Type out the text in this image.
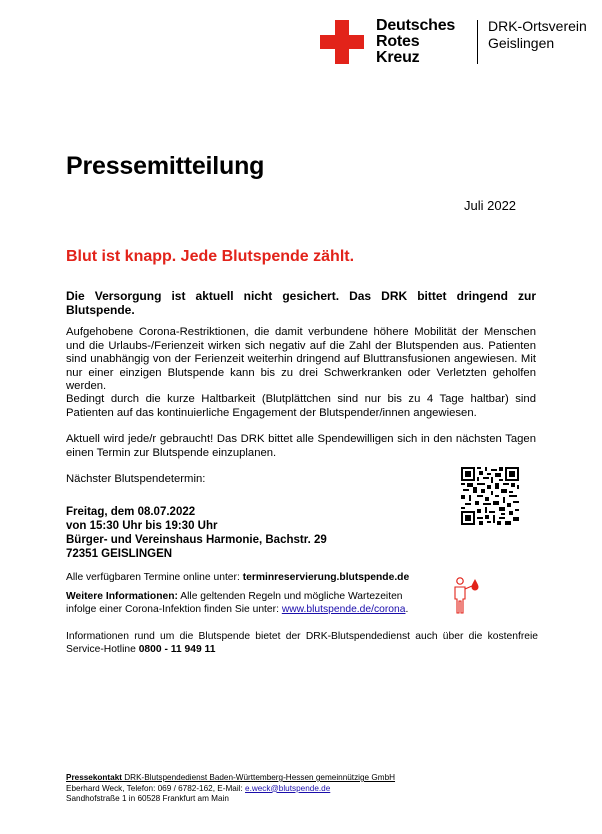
Deutsches
Rotes
Kreuz
DRK-Ortsverein
Geislingen
Pressemitteilung
Juli 2022
Blut ist knapp. Jede Blutspende zählt.
Die Versorgung ist aktuell nicht gesichert. Das DRK bittet dringend zur Blutspende.
Aufgehobene Corona-Restriktionen, die damit verbundene höhere Mobilität der Menschen und die Urlaubs-/Ferienzeit wirken sich negativ auf die Zahl der Blutspenden aus. Patienten sind unabhängig von der Ferienzeit weiterhin dringend auf Bluttransfusionen angewiesen. Mit nur einer einzigen Blutspende kann bis zu drei Schwerkranken oder Verletzten geholfen werden.
Bedingt durch die kurze Haltbarkeit (Blutplättchen sind nur bis zu 4 Tage haltbar) sind Patienten auf das kontinuierliche Engagement der Blutspender/innen angewiesen.
Aktuell wird jede/r gebraucht! Das DRK bittet alle Spendewilligen sich in den nächsten Tagen einen Termin zur Blutspende einzuplanen.
Nächster Blutspendetermin:
Freitag, dem 08.07.2022
von 15:30 Uhr bis 19:30 Uhr
Bürger- und Vereinshaus Harmonie, Bachstr. 29
72351 GEISLINGEN
Alle verfügbaren Termine online unter: terminreservierung.blutspende.de
Weitere Informationen: Alle geltenden Regeln und mögliche Wartezeiten
infolge einer Corona-Infektion finden Sie unter: www.blutspende.de/corona.
Informationen rund um die Blutspende bietet der DRK-Blutspendedienst auch über die kostenfreie Service-Hotline 0800 - 11 949 11
Pressekontakt DRK-Blutspendedienst Baden-Württemberg-Hessen gemeinnützige GmbH
Eberhard Weck, Telefon: 069 / 6782-162, E-Mail: e.weck@blutspende.de
Sandhofstraße 1 in 60528 Frankfurt am Main
